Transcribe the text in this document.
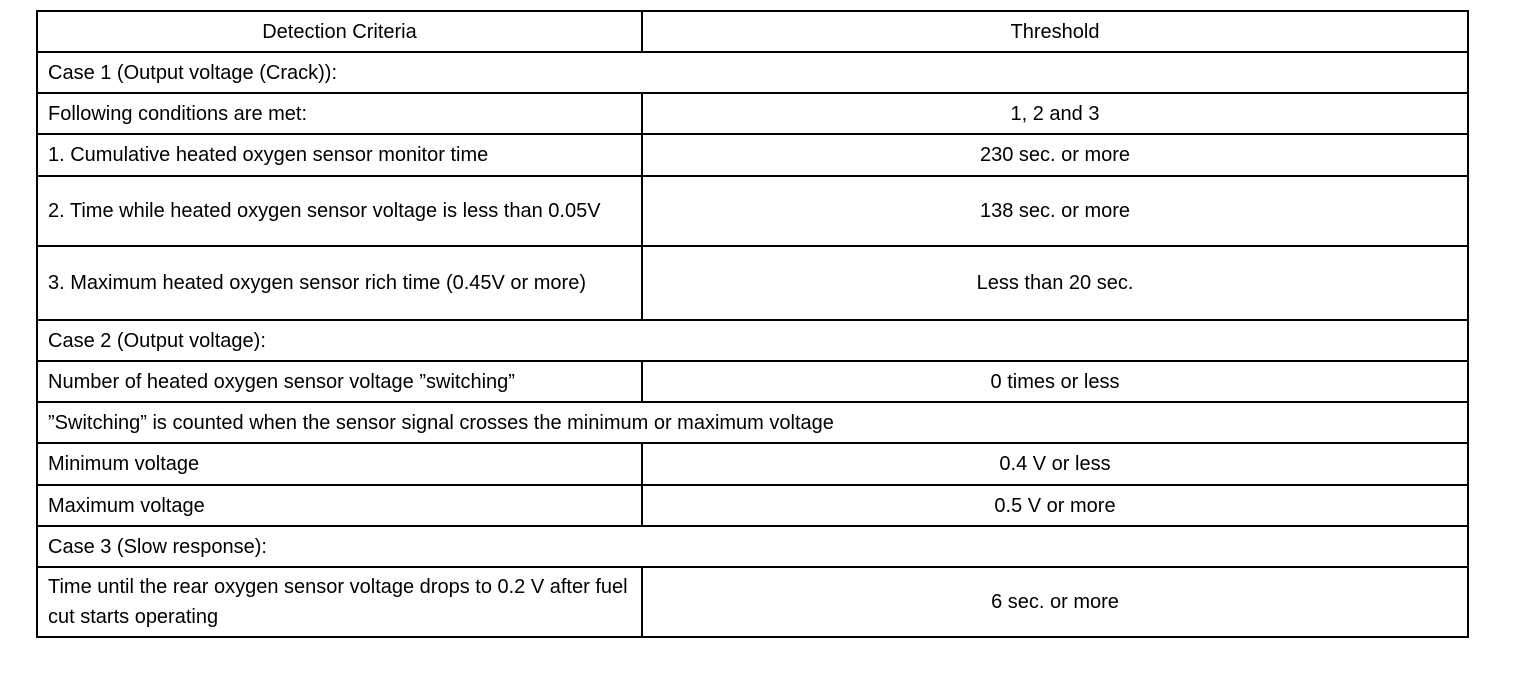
Detection Criteria	Threshold
Case 1 (Output voltage (Crack)):	
Following conditions are met:	1, 2 and 3
1. Cumulative heated oxygen sensor monitor time	230 sec. or more
2. Time while heated oxygen sensor voltage is less than 0.05V	138 sec. or more
3. Maximum heated oxygen sensor rich time (0.45V or more)	Less than 20 sec.
Case 2 (Output voltage):	
Number of heated oxygen sensor voltage ”switching”	0 times or less
”Switching” is counted when the sensor signal crosses the minimum or maximum voltage	
Minimum voltage	0.4 V or less
Maximum voltage	0.5 V or more
Case 3 (Slow response):	
Time until the rear oxygen sensor voltage drops to 0.2 V after fuel cut starts operating	6 sec. or more
